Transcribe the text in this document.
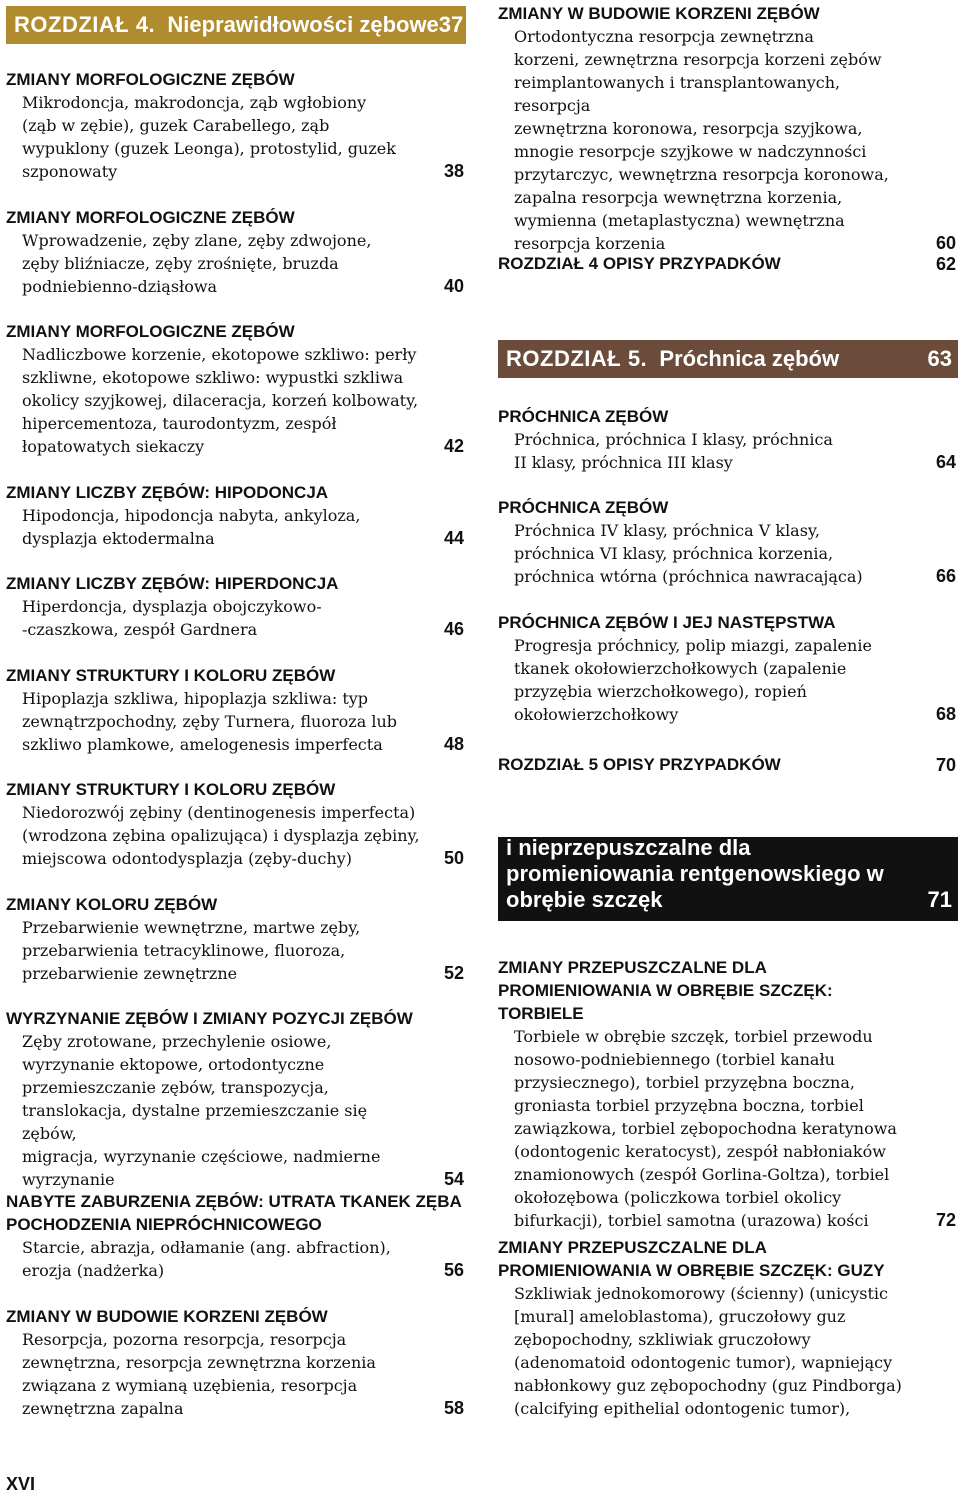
ROZDZIAŁ 4. Nieprawidłowości zębowe 37
ZMIANY MORFOLOGICZNE ZĘBÓW
Mikrodoncja, makrodoncja, ząb wgłobiony
(ząb w zębie), guzek Carabellego, ząb
wypuklony (guzek Leonga), protostylid, guzek
szponowaty	38
ZMIANY MORFOLOGICZNE ZĘBÓW
Wprowadzenie, zęby zlane, zęby zdwojone,
zęby bliźniacze, zęby zrośnięte, bruzda
podniebienno-dziąsłowa	40
ZMIANY MORFOLOGICZNE ZĘBÓW
Nadliczbowe korzenie, ekotopowe szkliwo: perły
szkliwne, ekotopowe szkliwo: wypustki szkliwa
okolicy szyjkowej, dilaceracja, korzeń kolbowaty,
hipercementoza, taurodontyzm, zespół
łopatowatych siekaczy	42
ZMIANY LICZBY ZĘBÓW: HIPODONCJA
Hipodoncja, hipodoncja nabyta, ankyloza,
dysplazja ektodermalna	44
ZMIANY LICZBY ZĘBÓW: HIPERDONCJA
Hiperdoncja, dysplazja obojczykowo-
-czaszkowa, zespół Gardnera	46
ZMIANY STRUKTURY I KOLORU ZĘBÓW
Hipoplazja szkliwa, hipoplazja szkliwa: typ
zewnątrzpochodny, zęby Turnera, fluoroza lub
szkliwo plamkowe, amelogenesis imperfecta	48
ZMIANY STRUKTURY I KOLORU ZĘBÓW
Niedorozwój zębiny (dentinogenesis imperfecta)
(wrodzona zębina opalizująca) i dysplazja zębiny,
miejscowa odontodysplazja (zęby-duchy)	50
ZMIANY KOLORU ZĘBÓW
Przebarwienie wewnętrzne, martwe zęby,
przebarwienia tetracyklinowe, fluoroza,
przebarwienie zewnętrzne	52
WYRZYNANIE ZĘBÓW I ZMIANY POZYCJI ZĘBÓW
Zęby zrotowane, przechylenie osiowe,
wyrzynanie ektopowe, ortodontyczne
przemieszczanie zębów, transpozycja,
translokacja, dystalne przemieszczanie się zębów,
migracja, wyrzynanie częściowe, nadmierne
wyrzynanie	54
NABYTE ZABURZENIA ZĘBÓW: UTRATA TKANEK ZĘBA POCHODZENIA NIEPRÓCHNICOWEGO
Starcie, abrazja, odłamanie (ang. abfraction),
erozja (nadżerka)	56
ZMIANY W BUDOWIE KORZENI ZĘBÓW
Resorpcja, pozorna resorpcja, resorpcja
zewnętrzna, resorpcja zewnętrzna korzenia
związana z wymianą uzębienia, resorpcja
zewnętrzna zapalna	58
ZMIANY W BUDOWIE KORZENI ZĘBÓW
Ortodontyczna resorpcja zewnętrzna
korzeni, zewnętrzna resorpcja korzeni zębów
reimplantowanych i transplantowanych, resorpcja
zewnętrzna koronowa, resorpcja szyjkowa,
mnogie resorpcje szyjkowe w nadczynności
przytarczyc, wewnętrzna resorpcja koronowa,
zapalna resorpcja wewnętrzna korzenia,
wymienna (metaplastyczna) wewnętrzna
resorpcja korzenia	60
ROZDZIAŁ 4 OPISY PRZYPADKÓW	62
ROZDZIAŁ 5. Próchnica zębów	63
PRÓCHNICA ZĘBÓW
Próchnica, próchnica I klasy, próchnica
II klasy, próchnica III klasy	64
PRÓCHNICA ZĘBÓW
Próchnica IV klasy, próchnica V klasy,
próchnica VI klasy, próchnica korzenia,
próchnica wtórna (próchnica nawracająca)	66
PRÓCHNICA ZĘBÓW I JEJ NASTĘPSTWA
Progresja próchnicy, polip miazgi, zapalenie
tkanek okołowierzchołkowych (zapalenie
przyzębia wierzchołkowego), ropień
okołowierzchołkowy	68
ROZDZIAŁ 5 OPISY PRZYPADKÓW	70
ROZDZIAŁ 6. Zmiany przepuszczalne i nieprzepuszczalne dla promieniowania rentgenowskiego w obrębie szczęk	71
ZMIANY PRZEPUSZCZALNE DLA PROMIENIOWANIA W OBRĘBIE SZCZĘK: TORBIELE
Torbiele w obrębie szczęk, torbiel przewodu
nosowo-podniebiennego (torbiel kanału
przysiecznego), torbiel przyzębna boczna,
groniasta torbiel przyzębna boczna, torbiel
zawiązkowa, torbiel zębopochodna keratynowa
(odontogenic keratocyst), zespół nabłoniaków
znamionowych (zespół Gorlina-Goltza), torbiel
okołozębowa (policzkowa torbiel okolicy
bifurkacji), torbiel samotna (urazowa) kości	72
ZMIANY PRZEPUSZCZALNE DLA PROMIENIOWANIA W OBRĘBIE SZCZĘK: GUZY
Szkliwiak jednokomorowy (ścienny) (unicystic
[mural] ameloblastoma), gruczołowy guz
zębopochodny, szkliwiak gruczołowy
(adenomatoid odontogenic tumor), wapniejący
nabłonkowy guz zębopochodny (guz Pindborga)
(calcifying epithelial odontogenic tumor),
XVI
